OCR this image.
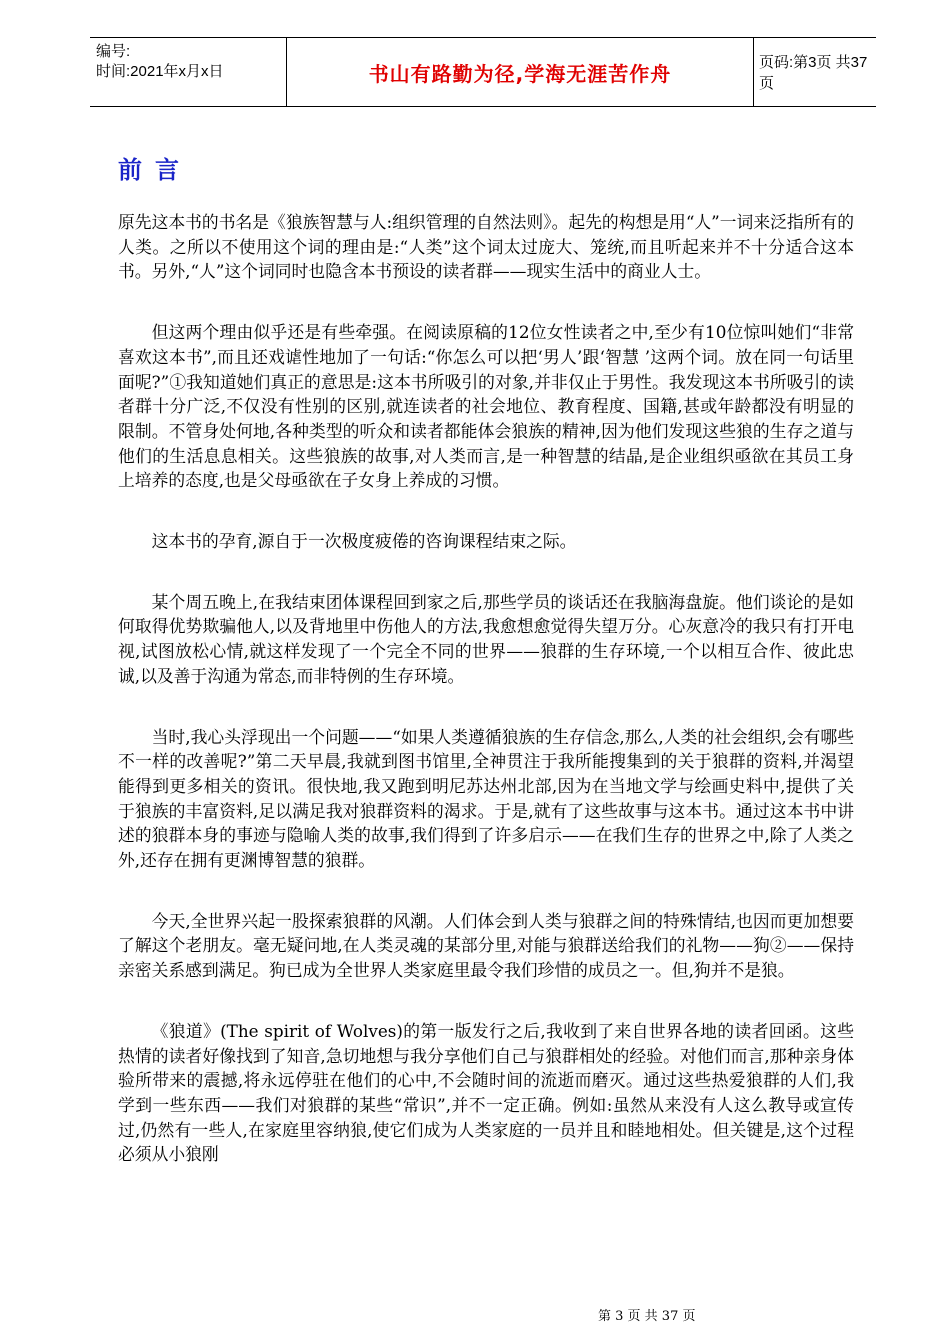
编号:
时间:2021年x月x日	书山有路勤为径,学海无涯苦作舟	页码:第3页 共37页
前言

原先这本书的书名是《狼族智慧与人:组织管理的自然法则》。起先的构想是用“人”一词来泛指所有的人类。之所以不使用这个词的理由是:“人类”这个词太过庞大、笼统,而且听起来并不十分适合这本书。另外,“人”这个词同时也隐含本书预设的读者群——现实生活中的商业人士。

但这两个理由似乎还是有些牵强。在阅读原稿的12位女性读者之中,至少有10位惊叫她们“非常喜欢这本书”,而且还戏谑性地加了一句话:“你怎么可以把‘男人’跟‘智慧 ’这两个词。放在同一句话里面呢?”①我知道她们真正的意思是:这本书所吸引的对象,并非仅止于男性。我发现这本书所吸引的读者群十分广泛,不仅没有性别的区别,就连读者的社会地位、教育程度、国籍,甚或年龄都没有明显的限制。不管身处何地,各种类型的听众和读者都能体会狼族的精神,因为他们发现这些狼的生存之道与他们的生活息息相关。这些狼族的故事,对人类而言,是一种智慧的结晶,是企业组织亟欲在其员工身上培养的态度,也是父母亟欲在子女身上养成的习惯。

这本书的孕育,源自于一次极度疲倦的咨询课程结束之际。

某个周五晚上,在我结束团体课程回到家之后,那些学员的谈话还在我脑海盘旋。他们谈论的是如何取得优势欺骗他人,以及背地里中伤他人的方法,我愈想愈觉得失望万分。心灰意冷的我只有打开电视,试图放松心情,就这样发现了一个完全不同的世界——狼群的生存环境,一个以相互合作、彼此忠诚,以及善于沟通为常态,而非特例的生存环境。

当时,我心头浮现出一个问题——“如果人类遵循狼族的生存信念,那么,人类的社会组织,会有哪些不一样的改善呢?”第二天早晨,我就到图书馆里,全神贯注于我所能搜集到的关于狼群的资料,并渴望能得到更多相关的资讯。很快地,我又跑到明尼苏达州北部,因为在当地文学与绘画史料中,提供了关于狼族的丰富资料,足以满足我对狼群资料的渴求。于是,就有了这些故事与这本书。通过这本书中讲述的狼群本身的事迹与隐喻人类的故事,我们得到了许多启示——在我们生存的世界之中,除了人类之外,还存在拥有更渊博智慧的狼群。

今天,全世界兴起一股探索狼群的风潮。人们体会到人类与狼群之间的特殊情结,也因而更加想要了解这个老朋友。毫无疑问地,在人类灵魂的某部分里,对能与狼群送给我们的礼物——狗②——保持亲密关系感到满足。狗已成为全世界人类家庭里最令我们珍惜的成员之一。但,狗并不是狼。

《狼道》(The spirit of Wolves)的第一版发行之后,我收到了来自世界各地的读者回函。这些热情的读者好像找到了知音,急切地想与我分享他们自己与狼群相处的经验。对他们而言,那种亲身体验所带来的震撼,将永远停驻在他们的心中,不会随时间的流逝而磨灭。通过这些热爱狼群的人们,我学到一些东西——我们对狼群的某些“常识”,并不一定正确。例如:虽然从来没有人这么教导或宣传过,仍然有一些人,在家庭里容纳狼,使它们成为人类家庭的一员并且和睦地相处。但关键是,这个过程必须从小狼刚

第 3 页 共 37 页
